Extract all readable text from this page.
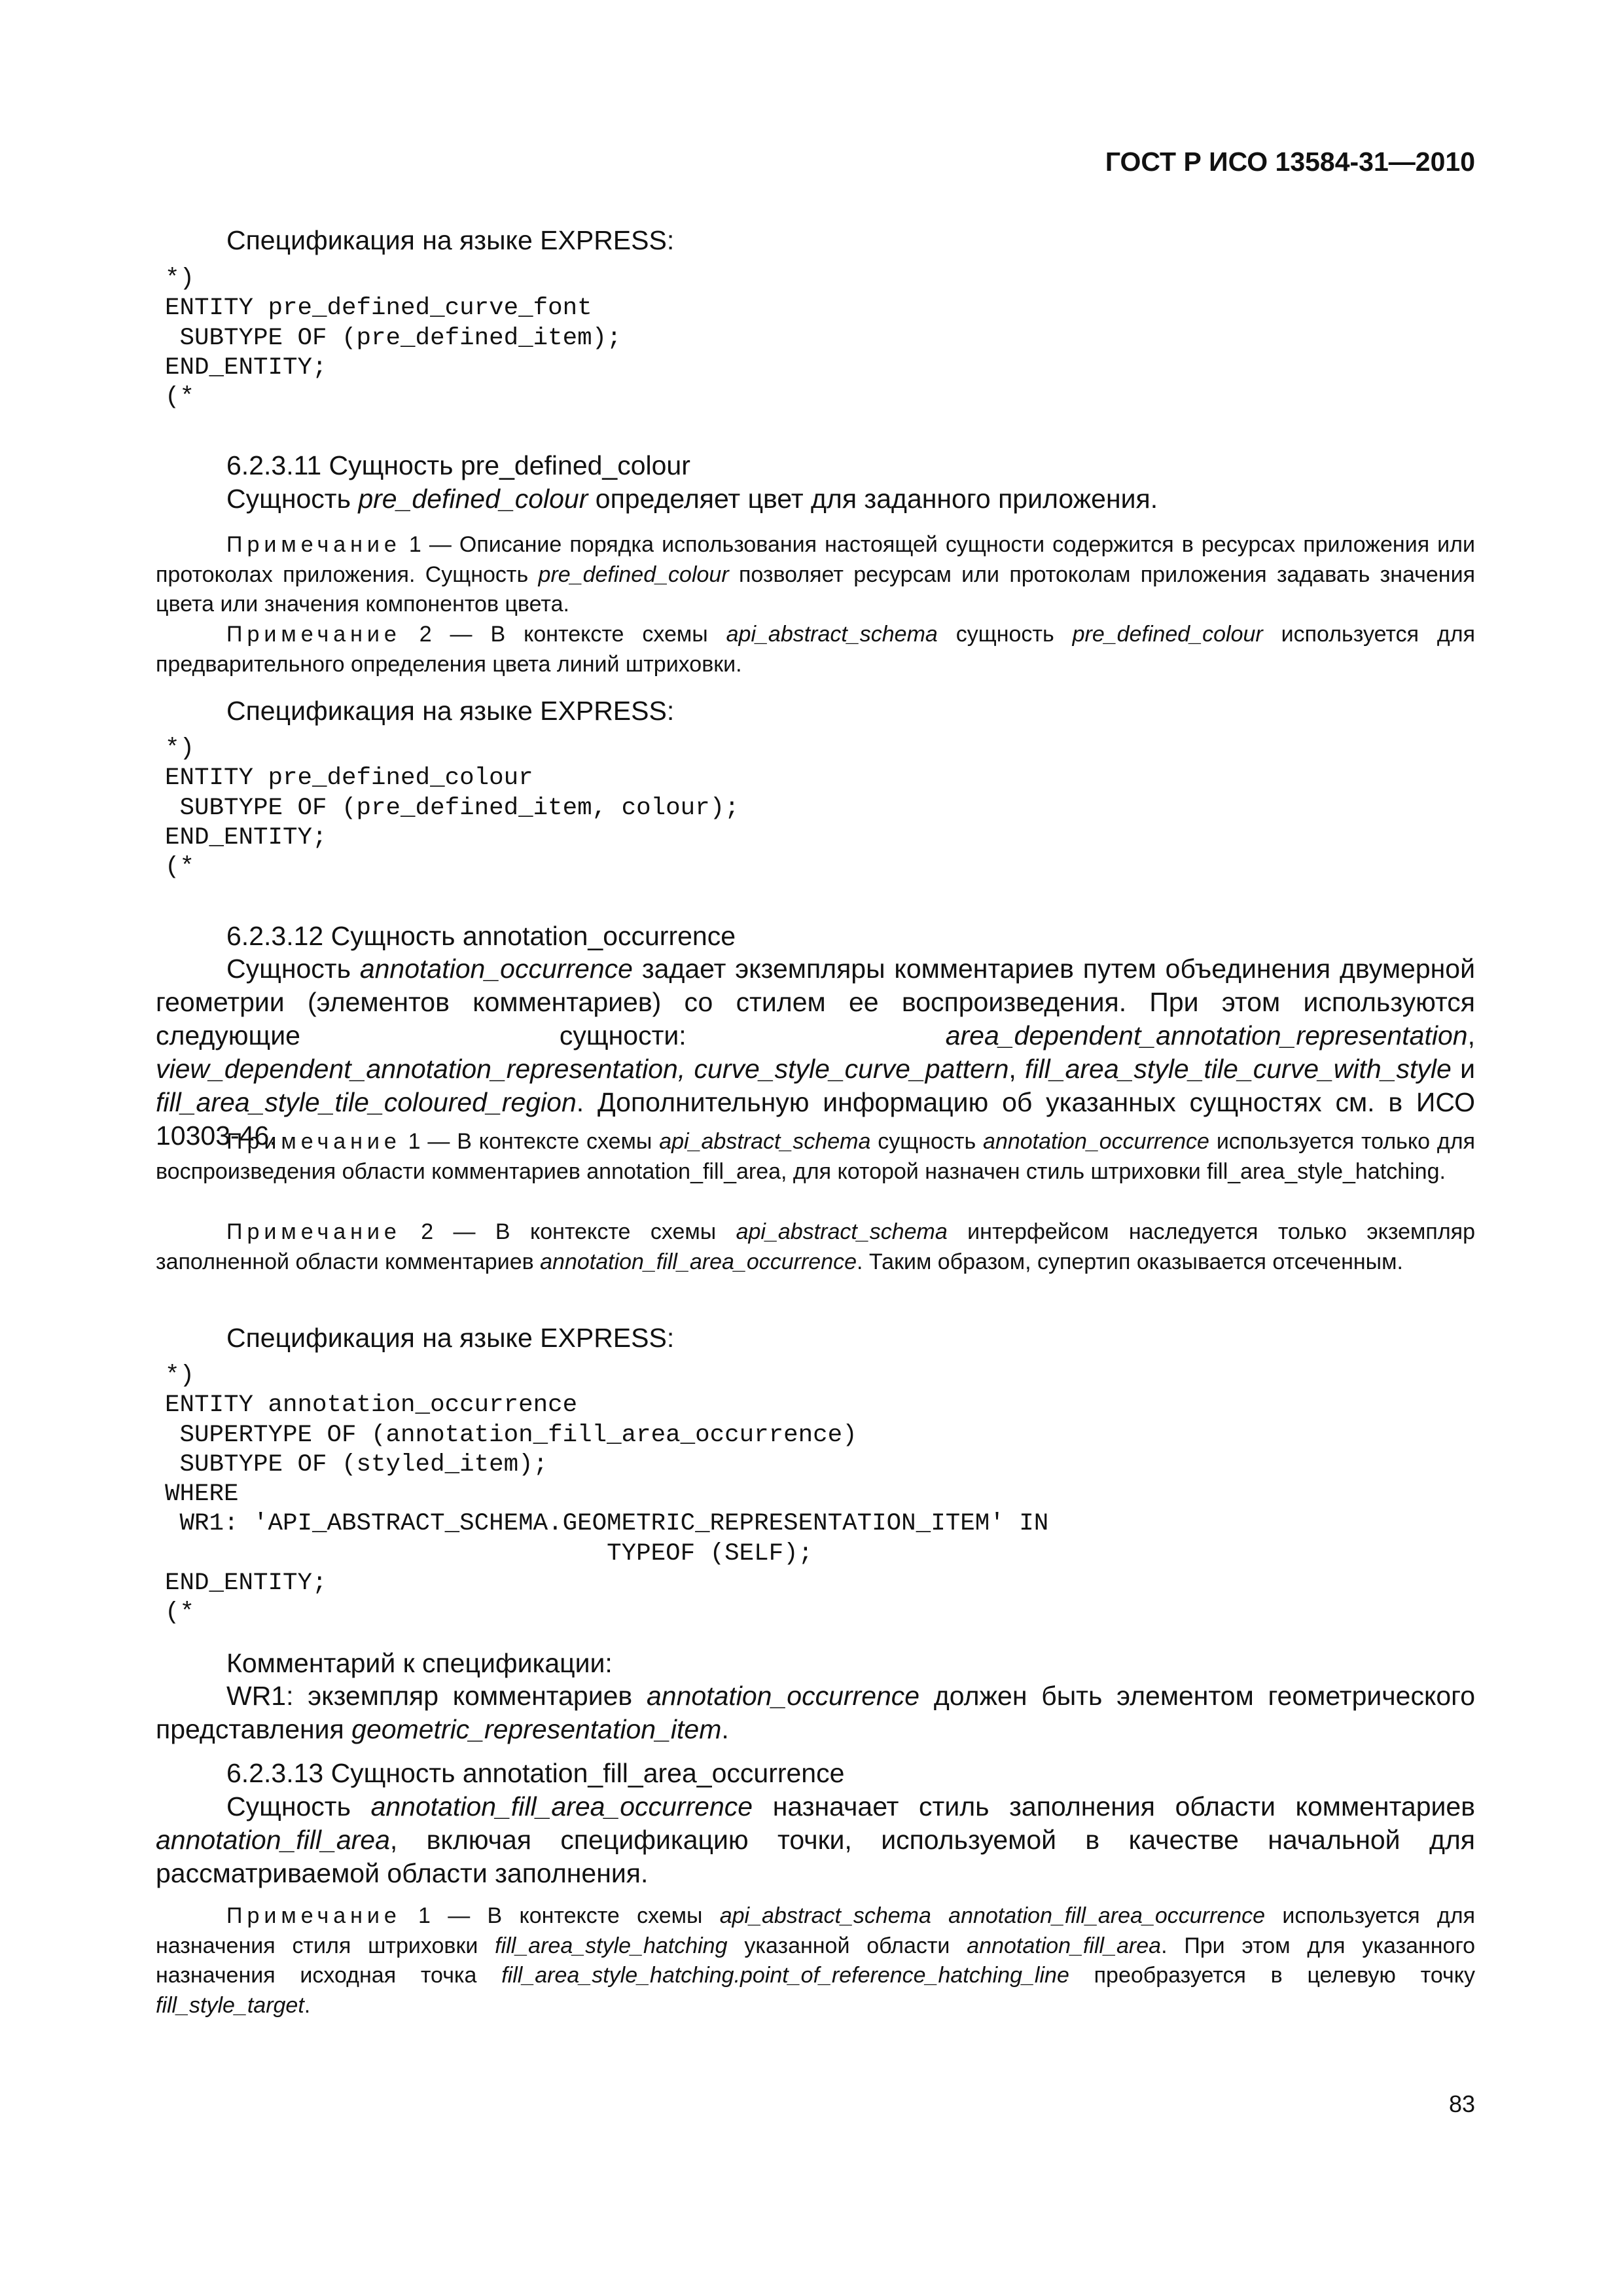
ГОСТ Р ИСО 13584-31—2010
Спецификация на языке EXPRESS:
*)
ENTITY pre_defined_curve_font
SUBTYPE OF (pre_defined_item);
END_ENTITY;
(*
6.2.3.11 Сущность pre_defined_colour
Сущность pre_defined_colour определяет цвет для заданного приложения.
Примечание 1 — Описание порядка использования настоящей сущности содержится в ресурсах приложения или протоколах приложения. Сущность pre_defined_colour позволяет ресурсам или протоколам приложения задавать значения цвета или значения компонентов цвета.
Примечание 2 — В контексте схемы api_abstract_schema сущность pre_defined_colour используется для предварительного определения цвета линий штриховки.
Спецификация на языке EXPRESS:
*)
ENTITY pre_defined_colour
SUBTYPE OF (pre_defined_item, colour);
END_ENTITY;
(*
6.2.3.12 Сущность annotation_occurrence
Сущность annotation_occurrence задает экземпляры комментариев путем объединения двумерной геометрии (элементов комментариев) со стилем ее воспроизведения. При этом используются следующие сущности: area_dependent_annotation_representation, view_dependent_annotation_representation, curve_style_curve_pattern, fill_area_style_tile_curve_with_style и fill_area_style_tile_coloured_region. Дополнительную информацию об указанных сущностях см. в ИСО 10303-46.
Примечание 1 — В контексте схемы api_abstract_schema сущность annotation_occurrence используется только для воспроизведения области комментариев annotation_fill_area, для которой назначен стиль штриховки fill_area_style_hatching.
Примечание 2 — В контексте схемы api_abstract_schema интерфейсом наследуется только экземпляр заполненной области комментариев annotation_fill_area_occurrence. Таким образом, супертип оказывается отсеченным.
Спецификация на языке EXPRESS:
*)
ENTITY annotation_occurrence
SUPERTYPE OF (annotation_fill_area_occurrence)
SUBTYPE OF (styled_item);
WHERE
WR1: 'API_ABSTRACT_SCHEMA.GEOMETRIC_REPRESENTATION_ITEM' IN
TYPEOF (SELF);
END_ENTITY;
(*
Комментарий к спецификации:
WR1: экземпляр комментариев annotation_occurrence должен быть элементом геометрического представления geometric_representation_item.
6.2.3.13 Сущность annotation_fill_area_occurrence
Сущность annotation_fill_area_occurrence назначает стиль заполнения области комментариев annotation_fill_area, включая спецификацию точки, используемой в качестве начальной для рассматриваемой области заполнения.
Примечание 1 — В контексте схемы api_abstract_schema annotation_fill_area_occurrence используется для назначения стиля штриховки fill_area_style_hatching указанной области annotation_fill_area. При этом для указанного назначения исходная точка fill_area_style_hatching.point_of_reference_hatching_line преобразуется в целевую точку fill_style_target.
83
